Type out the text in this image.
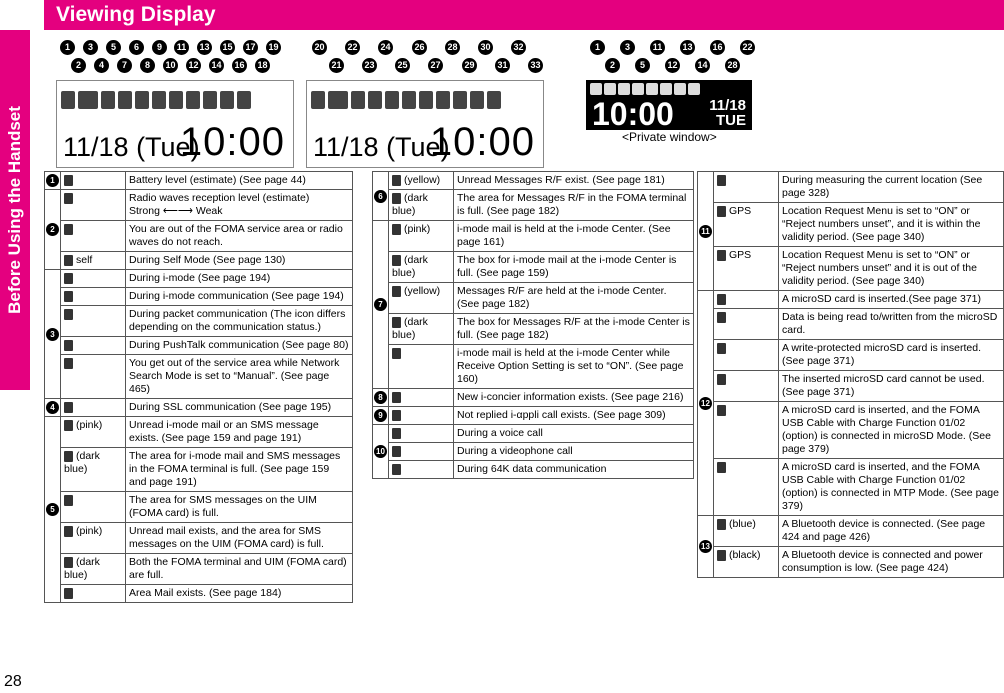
Viewing Display
Before Using the Handset
28
11/18 (Tue)
10:00 11/18 (Tue)
10:00
10:00 11/18
TUE
<Private window>
1
2
3
4
5
7
6
8
9
10
11
12
13
14
15
16
17
18
19	20
21
22
23
24
25
26
27
28
29
30
31
32
33
1
2
3
5
11
12
13
14
16
28
22
1		Battery level (estimate) (See page 44)
2		Radio waves reception level (estimate)
Strong ⟵⟶ Weak

		You are out of the FOMA service area or radio waves do not reach.
	self	During Self Mode (See page 130)
3		During i-mode (See page 194)
		During i-mode communication (See page 194)
		During packet communication (The icon differs depending on the communication status.)
		During PushTalk communication (See page 80)
		You get out of the service area while Network Search Mode is set to “Manual”. (See page 465)
4		During SSL communication (See page 195)
5	(pink)	Unread i-mode mail or an SMS message exists. (See page 159 and page 191)
	(dark blue)	The area for i-mode mail and SMS messages in the FOMA terminal is full. (See page 159 and page 191)
		The area for SMS messages on the UIM (FOMA card) is full.
	(pink)	Unread mail exists, and the area for SMS messages on the UIM (FOMA card) is full.
	(dark blue)	Both the FOMA terminal and UIM (FOMA card) are full.
		Area Mail exists. (See page 184)
6	(yellow)	Unread Messages R/F exist. (See page 181)
	(dark blue)	The area for Messages R/F in the FOMA terminal is full. (See page 182)
7	(pink)	i-mode mail is held at the i-mode Center. (See page 161)
	(dark blue)	The box for i-mode mail at the i-mode Center is full. (See page 159)
	(yellow)	Messages R/F are held at the i-mode Center. (See page 182)
	(dark blue)	The box for Messages R/F at the i-mode Center is full. (See page 182)
		i-mode mail is held at the i-mode Center while Receive Option Setting is set to “ON”. (See page 160)
8		New i-concier information exists. (See page 216)
9		Not replied i-αppli call exists. (See page 309)
10		During a voice call
		During a videophone call
		During 64K data communication
11		During measuring the current location (See page 328)
	GPS	Location Request Menu is set to “ON” or “Reject numbers unset”, and it is within the validity period. (See page 340)
	GPS	Location Request Menu is set to “ON” or “Reject numbers unset” and it is out of the validity period. (See page 340)
12		A microSD card is inserted.(See page 371)
		Data is being read to/written from the microSD card.
		A write-protected microSD card is inserted. (See page 371)
		The inserted microSD card cannot be used. (See page 371)
		A microSD card is inserted, and the FOMA USB Cable with Charge Function 01/02 (option) is connected in microSD Mode. (See page 379)
		A microSD card is inserted, and the FOMA USB Cable with Charge Function 01/02 (option) is connected in MTP Mode. (See page 379)
13	(blue)	A Bluetooth device is connected. (See page 424 and page 426)
	(black)	A Bluetooth device is connected and power consumption is low. (See page 424)
